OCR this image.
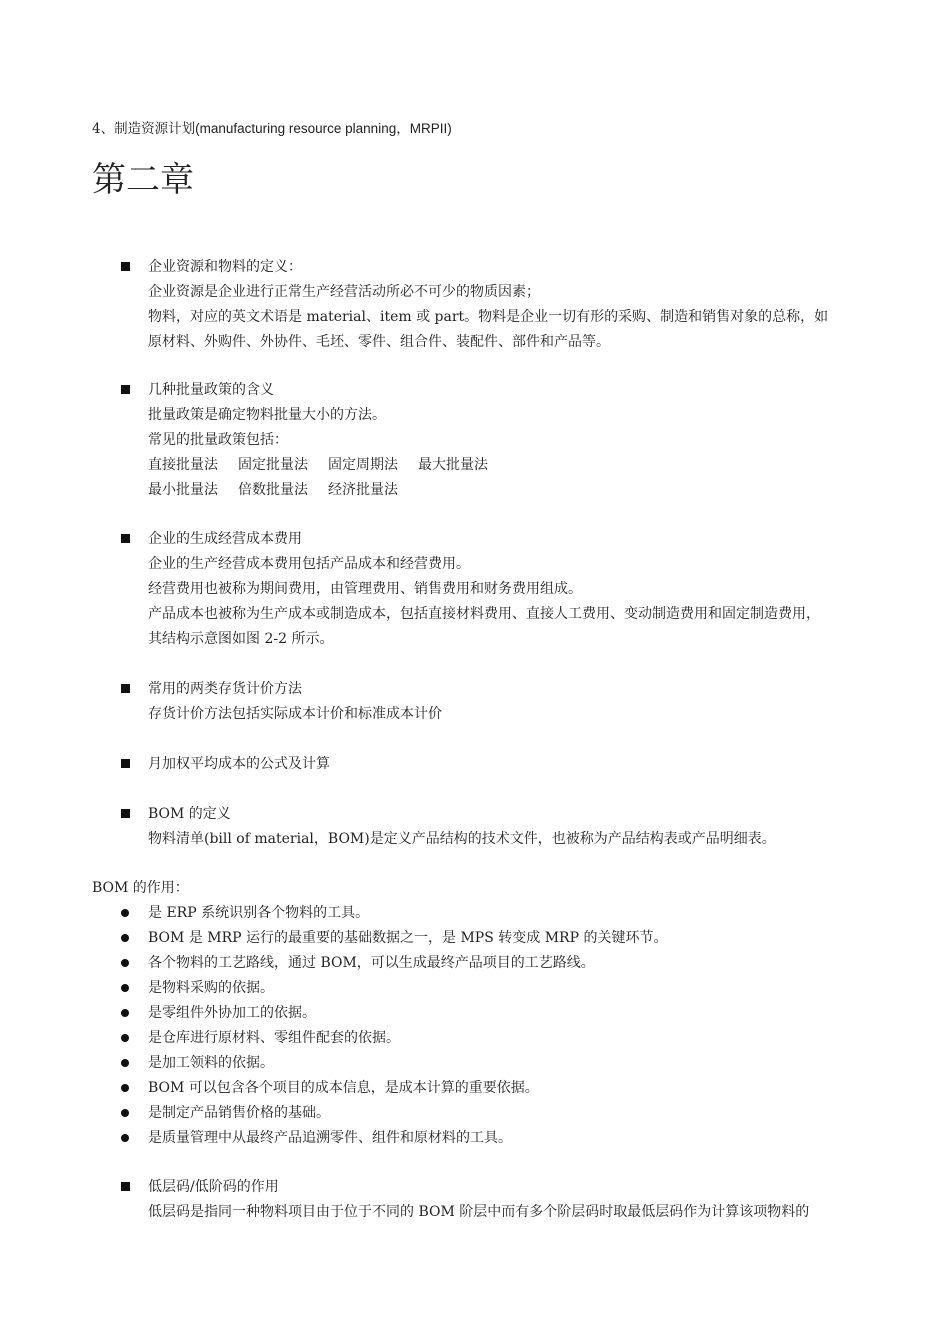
4、制造资源计划(manufacturing resource planning，MRPII)
第二章

企业资源和物料的定义：

企业资源是企业进行正常生产经营活动所必不可少的物质因素；

物料，对应的英文术语是 material、item 或 part。物料是企业一切有形的采购、制造和销售对象的总称，如

原材料、外购件、外协件、毛坯、零件、组合件、装配件、部件和产品等。

几种批量政策的含义

批量政策是确定物料批量大小的方法。

常见的批量政策包括：

直接批量法 固定批量法 固定周期法 最大批量法

最小批量法 倍数批量法 经济批量法

企业的生成经营成本费用

企业的生产经营成本费用包括产品成本和经营费用。

经营费用也被称为期间费用，由管理费用、销售费用和财务费用组成。

产品成本也被称为生产成本或制造成本，包括直接材料费用、直接人工费用、变动制造费用和固定制造费用，

其结构示意图如图 2-2 所示。

常用的两类存货计价方法

存货计价方法包括实际成本计价和标准成本计价

月加权平均成本的公式及计算

BOM 的定义

物料清单(bill of material，BOM)是定义产品结构的技术文件，也被称为产品结构表或产品明细表。

BOM 的作用：

是 ERP 系统识别各个物料的工具。
BOM 是 MRP 运行的最重要的基础数据之一，是 MPS 转变成 MRP 的关键环节。
各个物料的工艺路线，通过 BOM，可以生成最终产品项目的工艺路线。
是物料采购的依据。
是零组件外协加工的依据。
是仓库进行原材料、零组件配套的依据。
是加工领料的依据。
BOM 可以包含各个项目的成本信息，是成本计算的重要依据。
是制定产品销售价格的基础。
是质量管理中从最终产品追溯零件、组件和原材料的工具。

低层码/低阶码的作用

低层码是指同一种物料项目由于位于不同的 BOM 阶层中而有多个阶层码时取最低层码作为计算该项物料的
